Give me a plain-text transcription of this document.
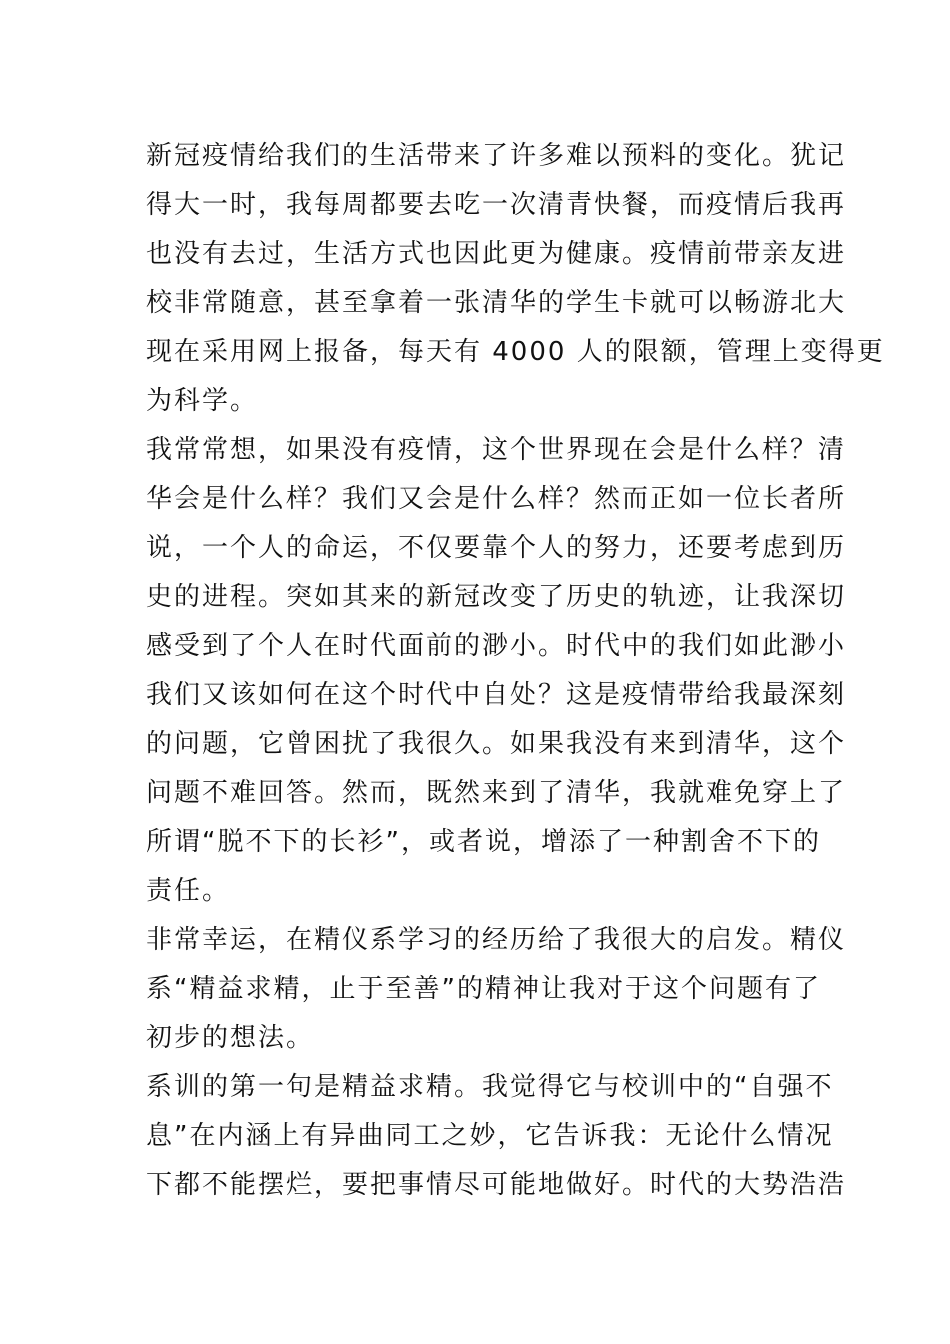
新冠疫情给我们的生活带来了许多难以预料的变化。犹记
得大一时，我每周都要去吃一次清青快餐，而疫情后我再
也没有去过，生活方式也因此更为健康。疫情前带亲友进
校非常随意，甚至拿着一张清华的学生卡就可以畅游北大
现在采用网上报备，每天有 4000 人的限额，管理上变得更
为科学。
我常常想，如果没有疫情，这个世界现在会是什么样？清
华会是什么样？我们又会是什么样？然而正如一位长者所
说，一个人的命运，不仅要靠个人的努力，还要考虑到历
史的进程。突如其来的新冠改变了历史的轨迹，让我深切
感受到了个人在时代面前的渺小。时代中的我们如此渺小
我们又该如何在这个时代中自处？这是疫情带给我最深刻
的问题，它曾困扰了我很久。如果我没有来到清华，这个
问题不难回答。然而，既然来到了清华，我就难免穿上了
所谓“脱不下的长衫”，或者说，增添了一种割舍不下的
责任。
非常幸运，在精仪系学习的经历给了我很大的启发。精仪
系“精益求精，止于至善”的精神让我对于这个问题有了
初步的想法。
系训的第一句是精益求精。我觉得它与校训中的“自强不
息”在内涵上有异曲同工之妙，它告诉我：无论什么情况
下都不能摆烂，要把事情尽可能地做好。时代的大势浩浩
